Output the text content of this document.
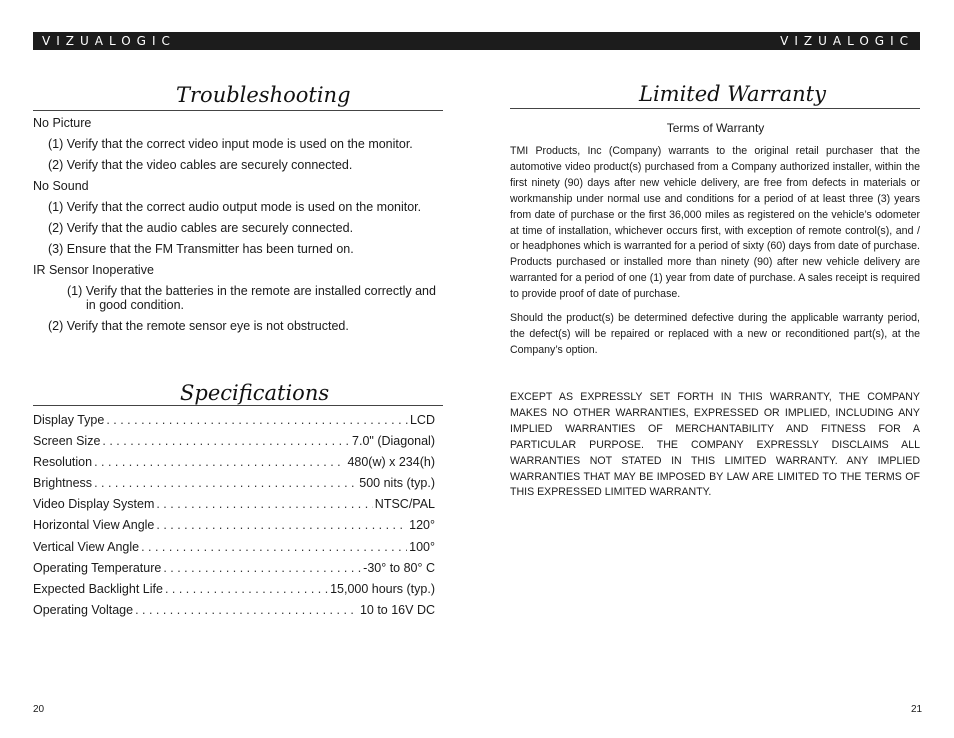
VIZUALOGIC
Troubleshooting
No Picture
(1) Verify that the correct video input mode is used on the monitor.
(2) Verify that the video cables are securely connected.
No Sound
(1) Verify that the correct audio output mode is used on the monitor.
(2) Verify that the audio cables are securely connected.
(3) Ensure that the FM Transmitter has been turned on.
IR Sensor Inoperative
(1) Verify that the batteries in the remote are installed correctly and in good condition.
(2) Verify that the remote sensor eye is not obstructed.
Specifications
Display Type . . .	LCD
Screen Size . . .	7.0" (Diagonal)
Resolution . . .	480(w) x 234(h)
Brightness . . .	500 nits (typ.)
Video Display System . . .	NTSC/PAL
Horizontal View Angle . . .	120°
Vertical View Angle . . .	100°
Operating Temperature . . .	-30° to 80° C
Expected Backlight Life . . .	15,000 hours (typ.)
Operating Voltage . . .	10 to 16V DC
20
VIZUALOGIC
Limited Warranty
Terms of Warranty
TMI Products, Inc (Company) warrants to the original retail purchaser that the automotive video product(s) purchased from a Company authorized installer, within the first ninety (90) days after new vehicle delivery, are free from defects in materials or workmanship under normal use and conditions for a period of at least three (3) years from date of purchase or the first 36,000 miles as registered on the vehicle’s odometer at time of installation, whichever occurs first, with exception of remote control(s), and / or headphones which is warranted for a period of sixty (60) days from date of purchase. Products purchased or installed more than ninety (90) after new vehicle delivery are warranted for a period of one (1) year from date of purchase. A sales receipt is required to provide proof of date of purchase.
Should the product(s) be determined defective during the applicable warranty period, the defect(s) will be repaired or replaced with a new or reconditioned part(s), at the Company’s option.
EXCEPT AS EXPRESSLY SET FORTH IN THIS WARRANTY, THE COMPANY MAKES NO OTHER WARRANTIES, EXPRESSED OR IMPLIED, INCLUDING ANY IMPLIED WARRANTIES OF MERCHANTABILITY AND FITNESS FOR A PARTICULAR PURPOSE. THE COMPANY EXPRESSLY DISCLAIMS ALL WARRANTIES NOT STATED IN THIS LIMITED WARRANTY. ANY IMPLIED WARRANTIES THAT MAY BE IMPOSED BY LAW ARE LIMITED TO THE TERMS OF THIS EXPRESSED LIMITED WARRANTY.
21
